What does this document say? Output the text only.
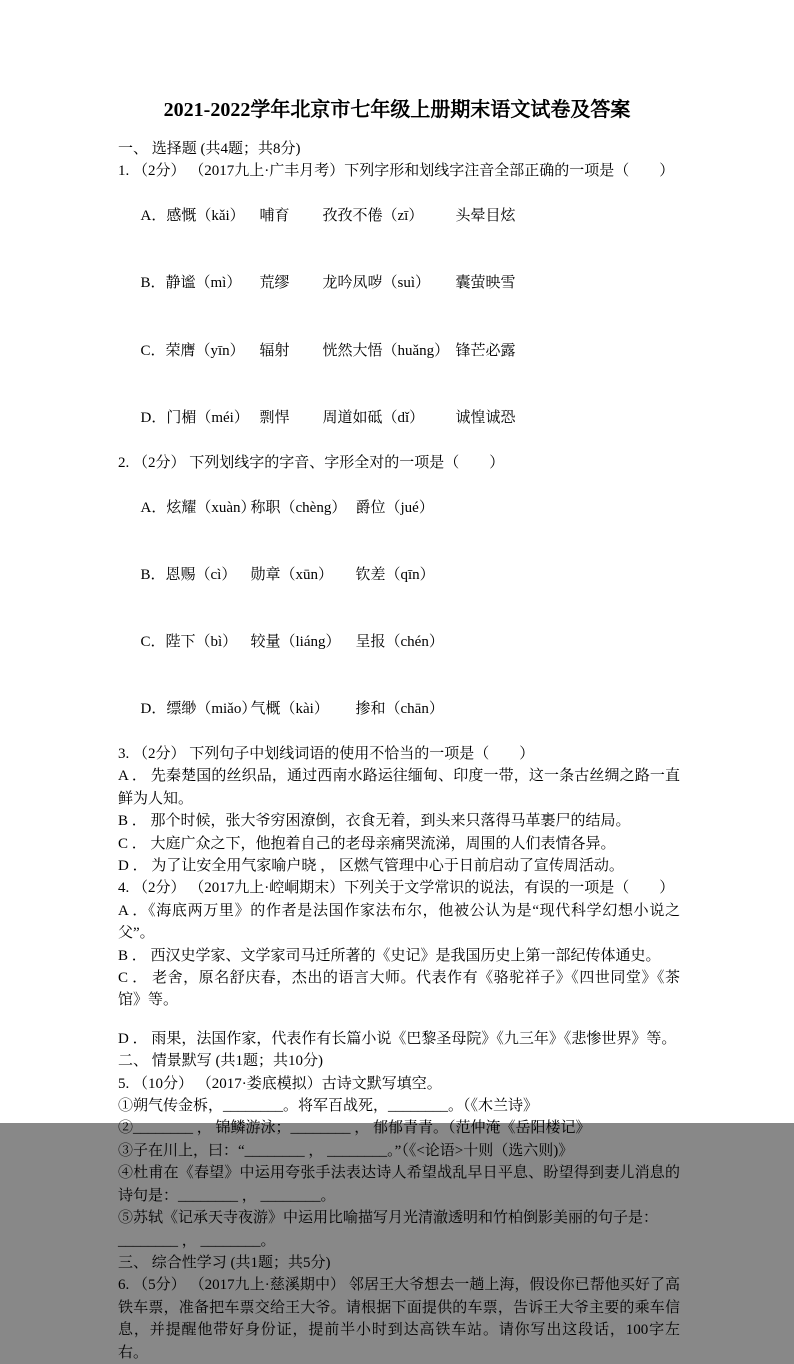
2021-2022学年北京市七年级上册期末语文试卷及答案
一、 选择题 (共4题；共8分)
1. （2分） （2017九上·广丰月考）下列字形和划线字注音全部正确的一项是（　　）

A．感慨（kǎi） 哺育 孜孜不倦（zī） 头晕目炫

B．静谧（mì） 荒缪 龙吟凤哕（suì） 囊萤映雪

C．荣膺（yīn） 辐射 恍然大悟（huǎng） 锋芒必露

D．门楣（méi） 剽悍 周道如砥（dǐ） 诚惶诚恐

2. （2分） 下列划线字的字音、字形全对的一项是（　　）

A．炫耀（xuàn）称职（chèng） 爵位（jué）

B．恩赐（cì） 勋章（xūn） 钦差（qīn）

C．陛下（bì） 较量（liáng） 呈报（chén）

D．缥缈（miǎo）气概（kài） 掺和（chān）

3. （2分） 下列句子中划线词语的使用不恰当的一项是（　　）
A ． 先秦楚国的丝织品，通过西南水路运往缅甸、印度一带，这一条古丝绸之路一直鲜为人知。
B ． 那个时候，张大爷穷困潦倒，衣食无着，到头来只落得马革裹尸的结局。
C ． 大庭广众之下，他抱着自己的老母亲痛哭流涕，周围的人们表情各异。
D ． 为了让安全用气家喻户晓 ， 区燃气管理中心于日前启动了宣传周活动。
4. （2分） （2017九上·崆峒期末）下列关于文学常识的说法，有误的一项是（　　）
A ．《海底两万里》的作者是法国作家法布尔，他被公认为是“现代科学幻想小说之父”。
B ． 西汉史学家、文学家司马迁所著的《史记》是我国历史上第一部纪传体通史。
C ． 老舍，原名舒庆春，杰出的语言大师。代表作有《骆驼祥子》《四世同堂》《茶馆》等。
D ． 雨果，法国作家，代表作有长篇小说《巴黎圣母院》《九三年》《悲惨世界》等。
二、 情景默写 (共1题；共10分)
5. （10分） （2017·娄底模拟）古诗文默写填空。
①朔气传金柝，________。将军百战死，________。（《木兰诗》
②________ ， 锦鳞游泳；________ ， 郁郁青青。（范仲淹《岳阳楼记》
③子在川上，曰：“________ ， ________。”（《<论语>十则（选六则)》
④杜甫在《春望》中运用夸张手法表达诗人希望战乱早日平息、盼望得到妻儿消息的诗句是：________ ， ________。
⑤苏轼《记承天寺夜游》中运用比喻描写月光清澈透明和竹柏倒影美丽的句子是：
________ ， ________。
三、 综合性学习 (共1题；共5分)
6. （5分） （2017九上·慈溪期中） 邻居王大爷想去一趟上海，假设你已帮他买好了高铁车票，准备把车票交给王大爷。请根据下面提供的车票，告诉王大爷主要的乘车信息，并提醒他带好身份证，提前半小时到达高铁车站。请你写出这段话，100字左右。
